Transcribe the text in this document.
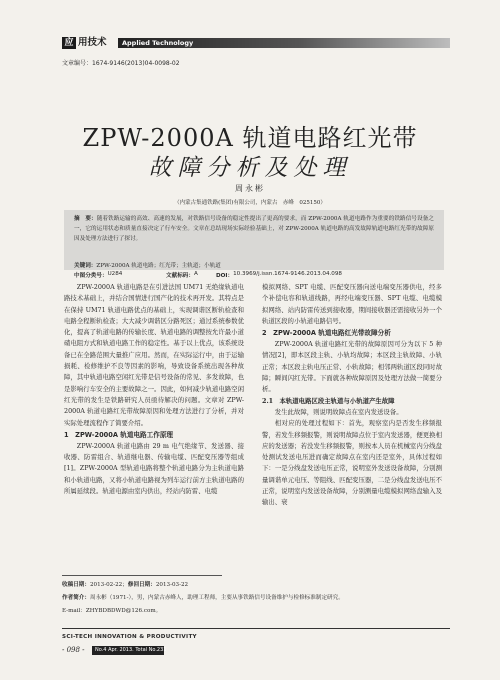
应 用技术 Applied Technology
文章编号：1674-9146(2013)04-0098-02
ZPW-2000A 轨道电路红光带
故障分析及处理
周永彬
（内蒙古集通铁路(集团)有限公司，内蒙古　赤峰　025150）
摘　要：随着铁路运输的高效、高速的发展，对铁路信号设备的稳定性提出了更高的要求，而 ZPW-2000A 轨道电路作为重要的铁路信号设备之一，它的运用状态和质量直接决定了行车安全。文章在总结现场实际经验基础上，对 ZPW-2000A 轨道电路的高发故障轨道电路红光带的故障原因及处理方法进行了探讨。
关键词：ZPW-2000A 轨道电路；红光带；主轨道；小轨道
中图分类号： U284	文献标码： A	DOI： 10.3969/j.issn.1674-9146.2013.04.098

ZPW-2000A 轨道电路是在引进法国 UM71 无绝缘轨道电路技术基础上，并结合国情进行国产化的技术再开发。其特点是在保持 UM71 轨道电路优点的基础上，实现调谐区断轨检查和电路全程断轨检查；大大减少调谐区分路死区；通过系统参数优化，提高了轨道电路的传输长度、轨道电路的调整按允许最小道碴电阻方式和轨道电路工作的稳定性。基于以上优点，该系统设备已在全路范围大量推广应用。然而，在实际运行中，由于运输损耗、检修维护不良等因素的影响，导致设备系统出现各种故障，其中轨道电路空闲红光带是信号设备的常见、多发故障，也是影响行车安全的主要故障之一。因此，如何减少轨道电路空闲红光带的发生是铁路研究人员亟待解决的问题。文章对 ZPW-2000A 轨道电路红光带故障原因和处理方法进行了分析，并对实际处理流程作了简要介绍。

1　ZPW-2000A 轨道电路工作原理

ZPW-2000A 轨道电路由 29 m 电气绝缘节、发送器、接收器、防雷组合、轨道继电器、传输电缆、匹配变压器等组成[1]。ZPW-2000A 型轨道电路将整个轨道电路分为主轨道电路和小轨道电路，又将小轨道电路视为列车运行前方主轨道电路的所属延续段。轨道电源由室内供出，经站内防雷、电缆

模拟网络、SPT 电缆、匹配变压器向送电端变压器供电，经多个补偿电容和轨道线路，再经电端变压器、SPT 电缆、电缆模拟网络、站内防雷传送到接收器，期间接收器还需接收另外一个轨道区段的小轨道电路信号。

2　ZPW-2000A 轨道电路红光带故障分析

ZPW-2000A 轨道电路红光带的故障原因可分为以下 5 种情况[2]，即本区段主轨、小轨均故障；本区段主轨故障、小轨正常；本区段主轨电压正常、小轨故障；相邻两轨道区段同时故障；瞬间闪红光带。下面就各种故障原因及处理方法做一简要分析。

2.1　本轨道电路区段主轨道与小轨道产生故障

发生此故障，则说明故障点在室内发送设备。

相对应的处理过程如下：首先，观察室内是否发生移频报警，若发生移频报警，则说明故障点位于室内发送器，便更换相应的发送器；若没发生移频报警，则按本人员在机械室内分线盘处测试发送电压进而确定故障点在室内还是室外，具体过程如下：一是分线盘发送电压正常，说明室外发送设备故障，分别测量调谐单元电压、等阻线、匹配变压器，二是分线盘发送电压不正常，说明室内发送设备故障，分别测量电缆模拟网络盘输入及输出、衰

收稿日期：2013-02-22；修回日期：2013-03-22
作者简介：周永彬（1971-），男，内蒙古赤峰人，助理工程师，主要从事铁路信号设备维护与检修标准制定研究。
E-mail：ZHYBDBDWD@126.com。
SCI-TECH INNOVATION & PRODUCTIVITY
- 098 - No.4 Apr. 2013. Total No.231
